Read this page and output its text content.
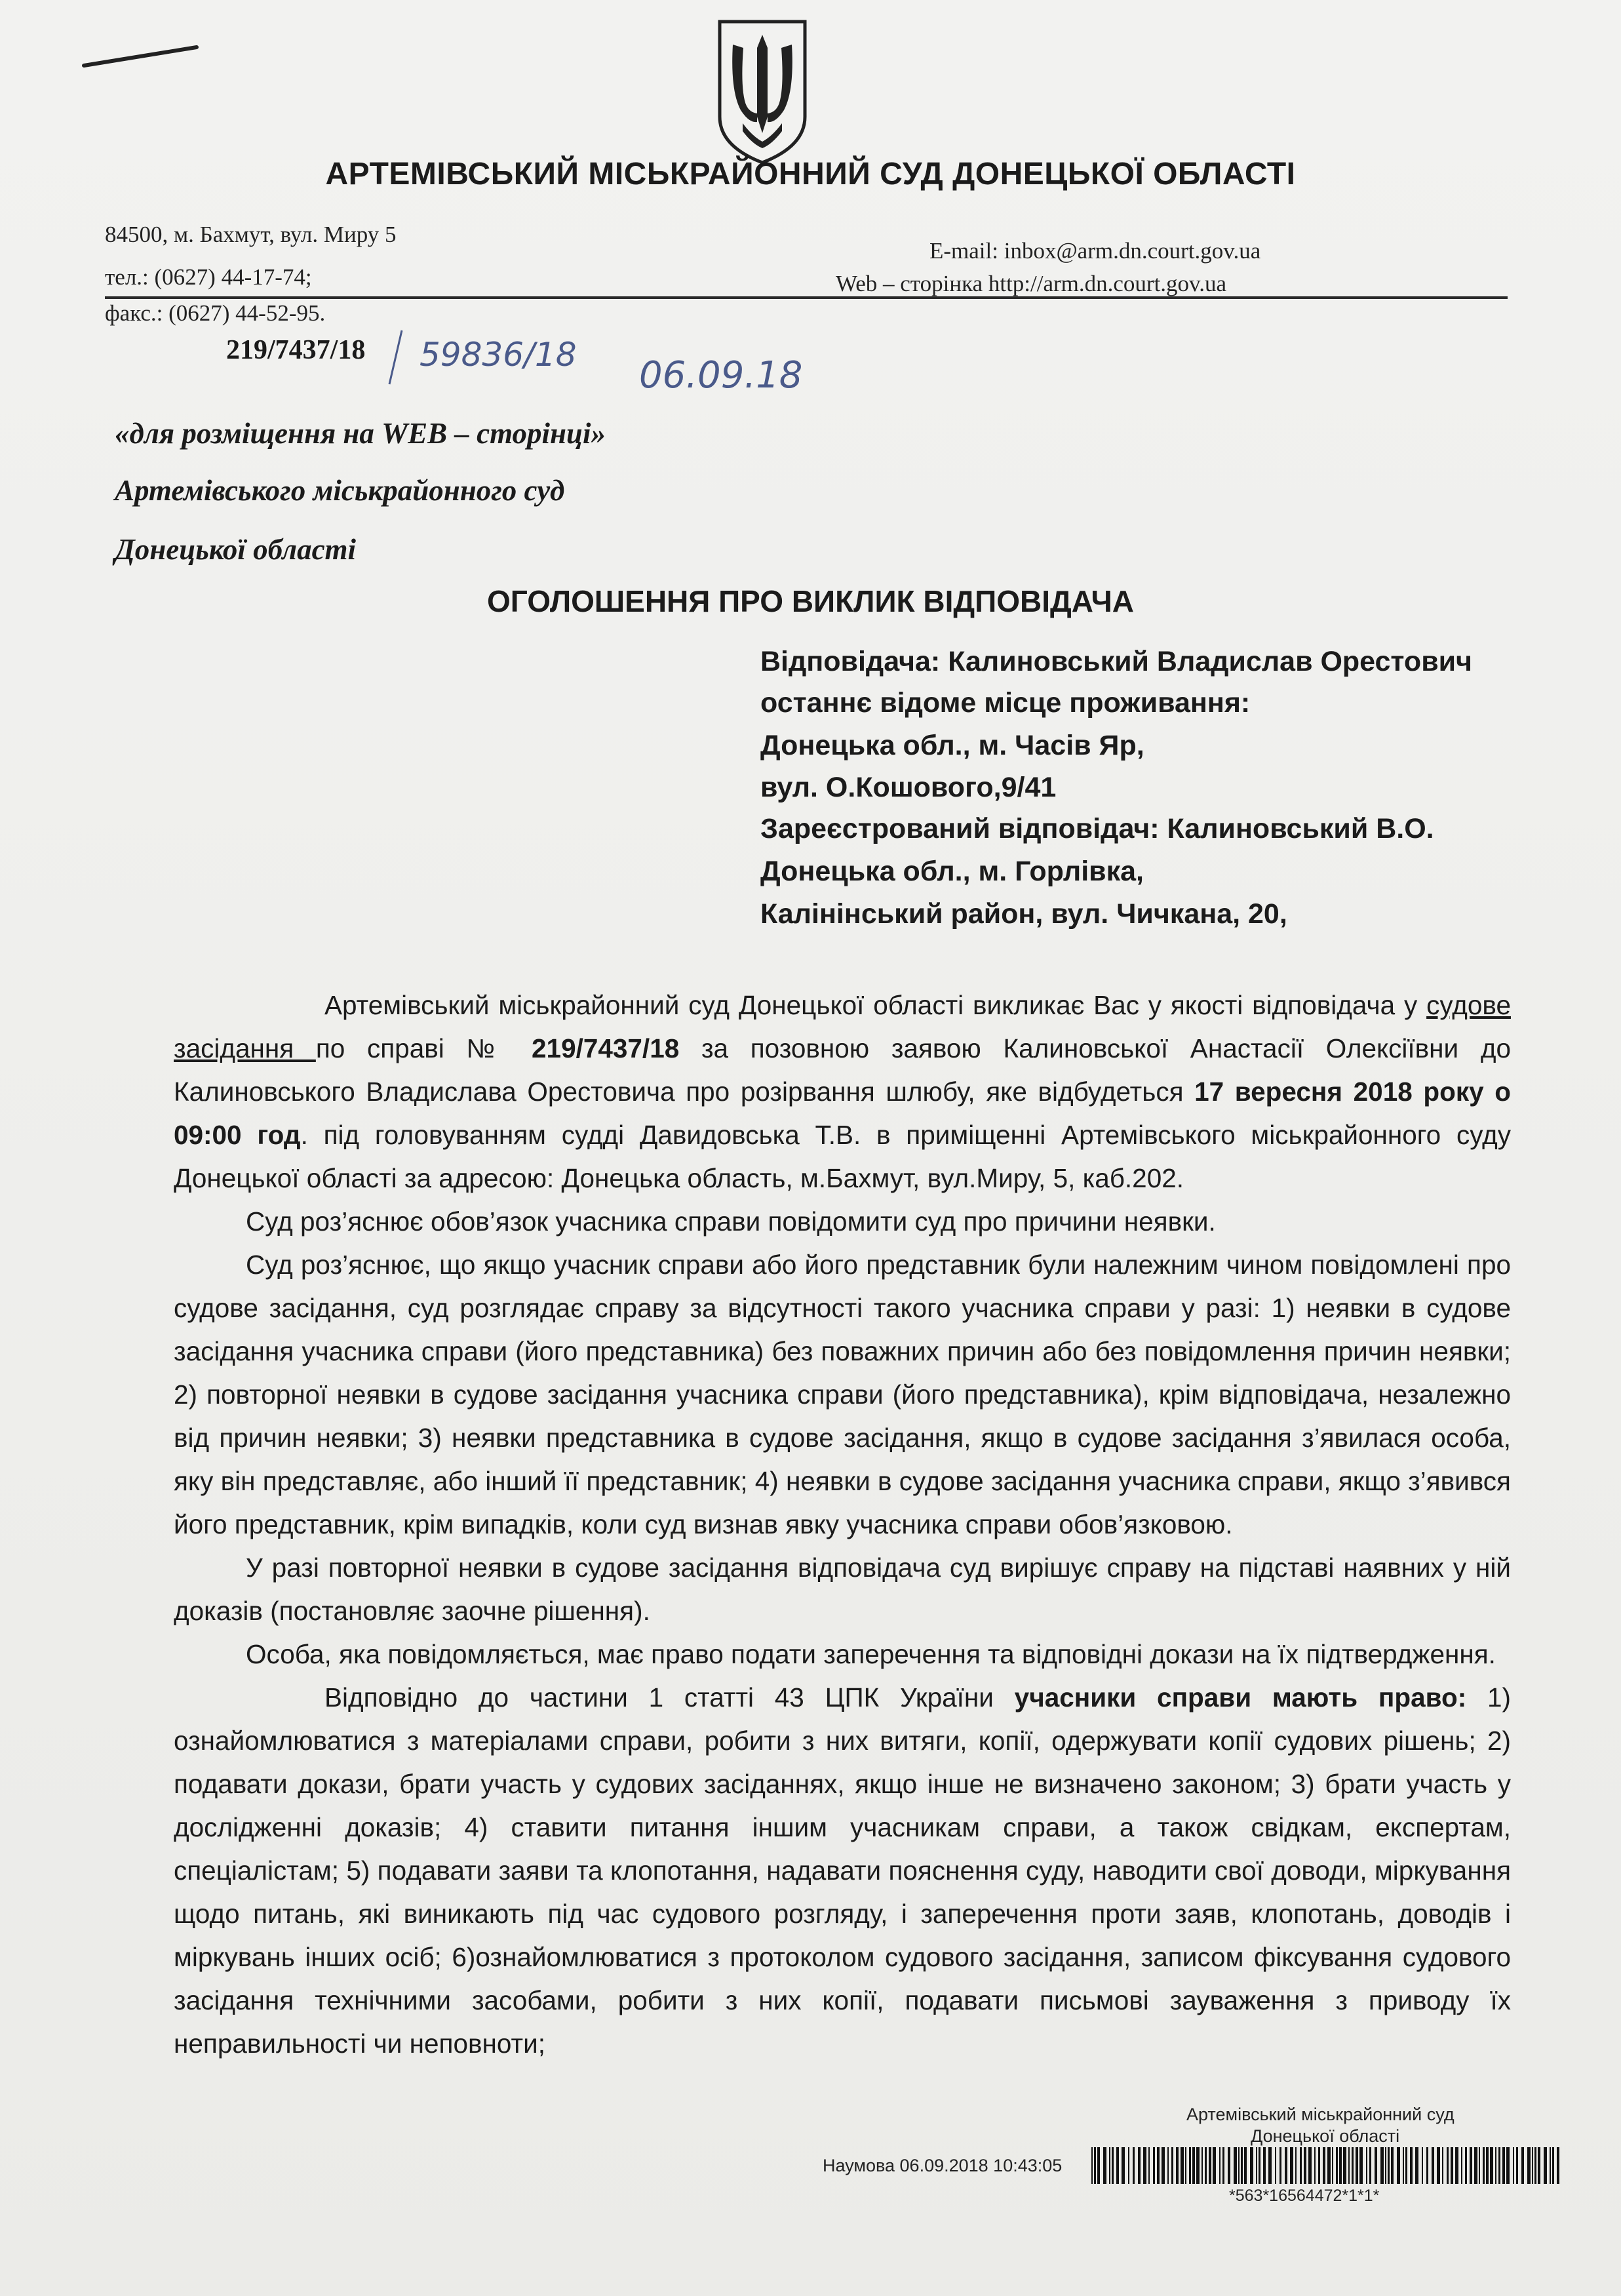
АРТЕМІВСЬКИЙ МІСЬКРАЙОННИЙ СУД ДОНЕЦЬКОЇ ОБЛАСТІ
84500, м. Бахмут, вул. Миру 5
тел.: (0627) 44-17-74;
факс.: (0627) 44-52-95.
E-mail: inbox@arm.dn.court.gov.ua
Web – сторінка http://arm.dn.court.gov.ua
219/7437/18 59836/18 06.09.18
«для розміщення на WEB – сторінці»
Артемівського міськрайонного суд
Донецької області
ОГОЛОШЕННЯ ПРО ВИКЛИК ВІДПОВІДАЧА
Відповідача: Калиновський Владислав Орестович
останнє відоме місце проживання:
Донецька обл., м. Часів Яр,
вул. О.Кошового,9/41
Зареєстрований відповідач: Калиновський В.О.
Донецька обл., м. Горлівка,
Калінінський район, вул. Чичкана, 20,

Артемівський міськрайонний суд Донецької області викликає Вас у якості відповідача у судове засідання по справі № 219/7437/18 за позовною заявою Калиновської Анастасії Олексіївни до Калиновського Владислава Орестовича про розірвання шлюбу, яке відбудеться 17 вересня 2018 року о 09:00 год. під головуванням судді Давидовська Т.В. в приміщенні Артемівського міськрайонного суду Донецької області за адресою: Донецька область, м.Бахмут, вул.Миру, 5, каб.202.

Суд роз’яснює обов’язок учасника справи повідомити суд про причини неявки.

Суд роз’яснює, що якщо учасник справи або його представник були належним чином повідомлені про судове засідання, суд розглядає справу за відсутності такого учасника справи у разі: 1) неявки в судове засідання учасника справи (його представника) без поважних причин або без повідомлення причин неявки; 2) повторної неявки в судове засідання учасника справи (його представника), крім відповідача, незалежно від причин неявки; 3) неявки представника в судове засідання, якщо в судове засідання з’явилася особа, яку він представляє, або інший її представник; 4) неявки в судове засідання учасника справи, якщо з’явився його представник, крім випадків, коли суд визнав явку учасника справи обов’язковою.

У разі повторної неявки в судове засідання відповідача суд вирішує справу на підставі наявних у ній доказів (постановляє заочне рішення).

Особа, яка повідомляється, має право подати заперечення та відповідні докази на їх підтвердження.

Відповідно до частини 1 статті 43 ЦПК України учасники справи мають право: 1) ознайомлюватися з матеріалами справи, робити з них витяги, копії, одержувати копії судових рішень; 2) подавати докази, брати участь у судових засіданнях, якщо інше не визначено законом; 3) брати участь у дослідженні доказів; 4) ставити питання іншим учасникам справи, а також свідкам, експертам, спеціалістам; 5) подавати заяви та клопотання, надавати пояснення суду, наводити свої доводи, міркування щодо питань, які виникають під час судового розгляду, і заперечення проти заяв, клопотань, доводів і міркувань інших осіб; 6)ознайомлюватися з протоколом судового засідання, записом фіксування судового засідання технічними засобами, робити з них копії, подавати письмові зауваження з приводу їх неправильності чи неповноти;

Артемівський міськрайонний суд
Донецької області
Наумова 06.09.2018 10:43:05
*563*16564472*1*1*
